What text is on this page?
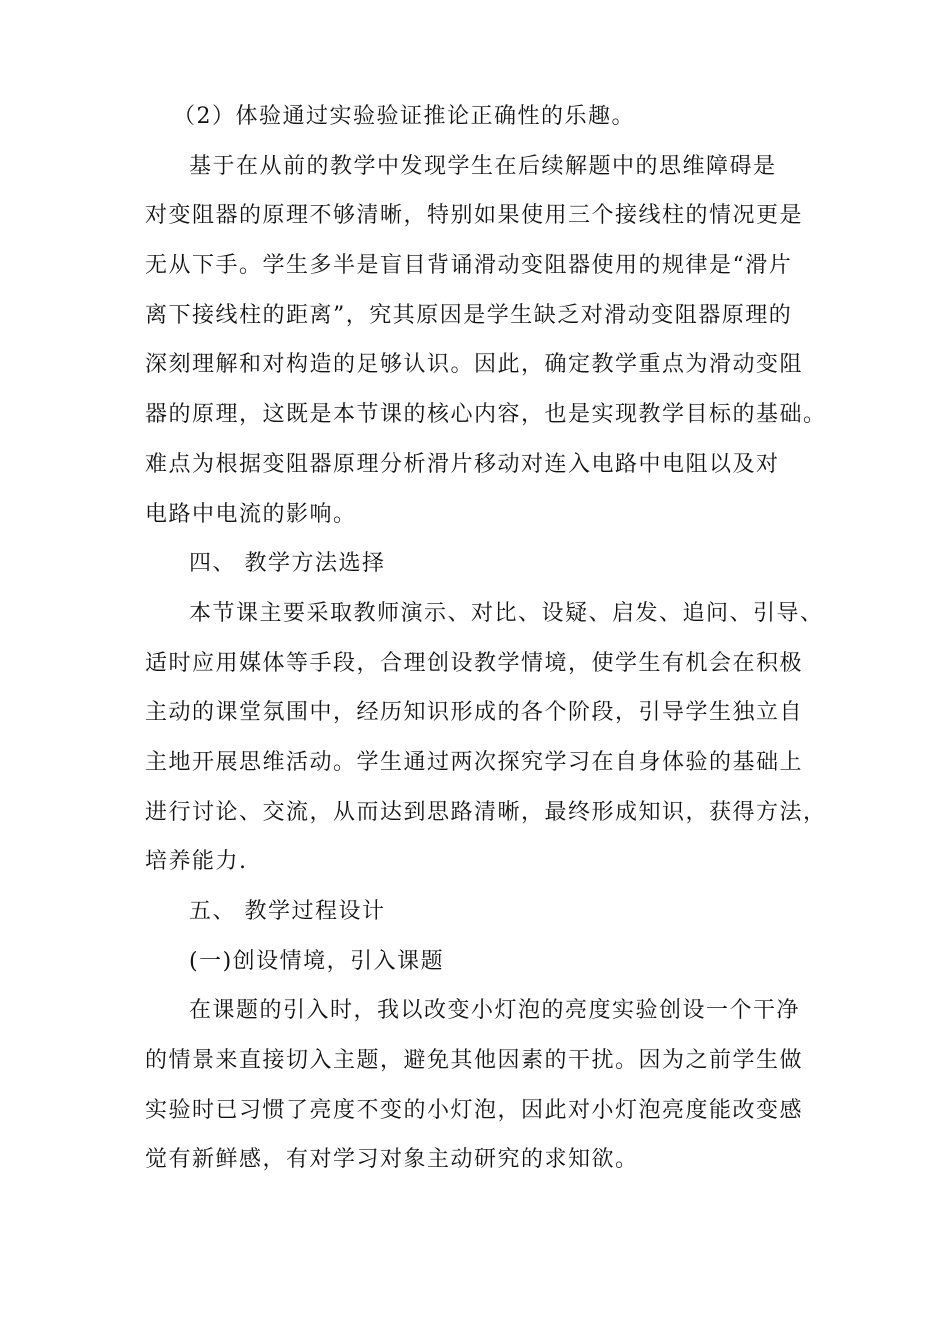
（2）体验通过实验验证推论正确性的乐趣。
基于在从前的教学中发现学生在后续解题中的思维障碍是
对变阻器的原理不够清晰，特别如果使用三个接线柱的情况更是
无从下手。学生多半是盲目背诵滑动变阻器使用的规律是“滑片
离下接线柱的距离”，究其原因是学生缺乏对滑动变阻器原理的
深刻理解和对构造的足够认识。因此，确定教学重点为滑动变阻
器的原理，这既是本节课的核心内容，也是实现教学目标的基础。
难点为根据变阻器原理分析滑片移动对连入电路中电阻以及对
电路中电流的影响。
四、 教学方法选择
本节课主要采取教师演示、对比、设疑、启发、追问、引导、
适时应用媒体等手段，合理创设教学情境，使学生有机会在积极
主动的课堂氛围中，经历知识形成的各个阶段，引导学生独立自
主地开展思维活动。学生通过两次探究学习在自身体验的基础上
进行讨论、交流，从而达到思路清晰，最终形成知识，获得方法，
培养能力.
五、 教学过程设计
(一)创设情境，引入课题
在课题的引入时，我以改变小灯泡的亮度实验创设一个干净
的情景来直接切入主题，避免其他因素的干扰。因为之前学生做
实验时已习惯了亮度不变的小灯泡，因此对小灯泡亮度能改变感
觉有新鲜感，有对学习对象主动研究的求知欲。
